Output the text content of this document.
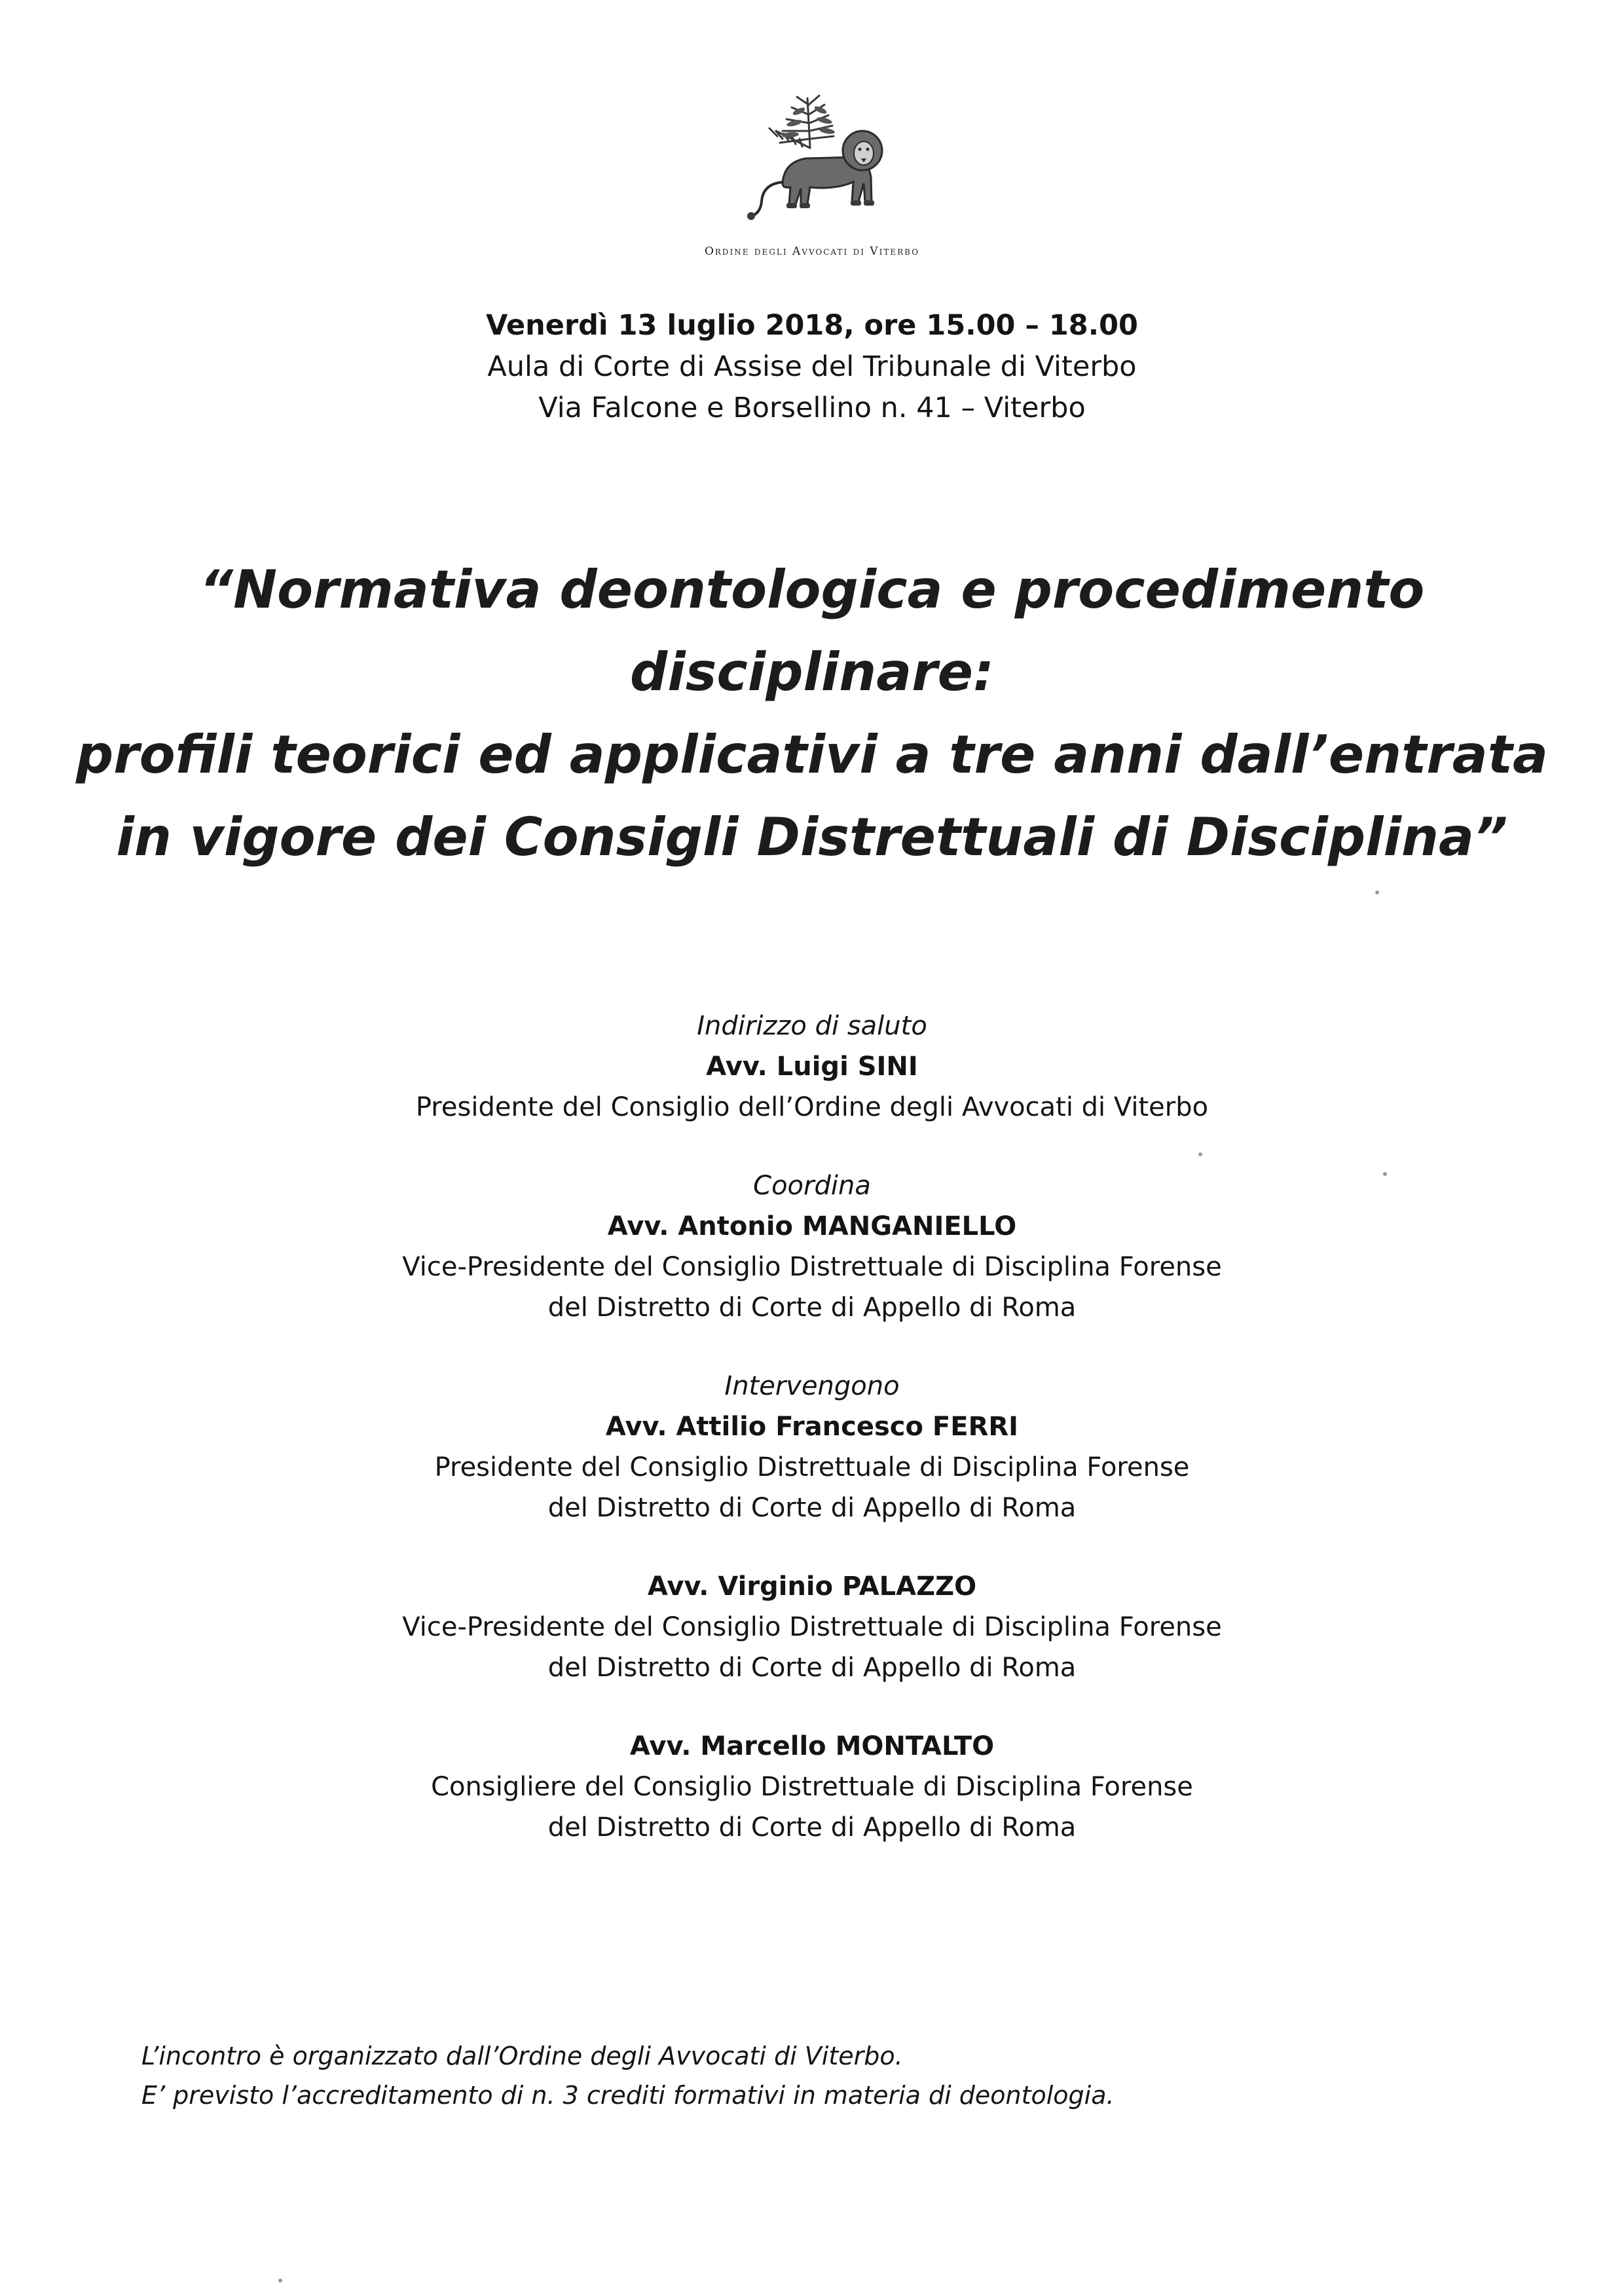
Ordine degli Avvocati di Viterbo
Venerdì 13 luglio 2018, ore 15.00 – 18.00
Aula di Corte di Assise del Tribunale di Viterbo
Via Falcone e Borsellino n. 41 – Viterbo
“Normativa deontologica e procedimento
disciplinare:
profili teorici ed applicativi a tre anni dall’entrata
in vigore dei Consigli Distrettuali di Disciplina”
Indirizzo di saluto
Avv. Luigi SINI
Presidente del Consiglio dell’Ordine degli Avvocati di Viterbo
Coordina
Avv. Antonio MANGANIELLO
Vice-Presidente del Consiglio Distrettuale di Disciplina Forense
del Distretto di Corte di Appello di Roma
Intervengono
Avv. Attilio Francesco FERRI
Presidente del Consiglio Distrettuale di Disciplina Forense
del Distretto di Corte di Appello di Roma
Avv. Virginio PALAZZO
Vice-Presidente del Consiglio Distrettuale di Disciplina Forense
del Distretto di Corte di Appello di Roma
Avv. Marcello MONTALTO
Consigliere del Consiglio Distrettuale di Disciplina Forense
del Distretto di Corte di Appello di Roma
L’incontro è organizzato dall’Ordine degli Avvocati di Viterbo.
E’ previsto l’accreditamento di n. 3 crediti formativi in materia di deontologia.
